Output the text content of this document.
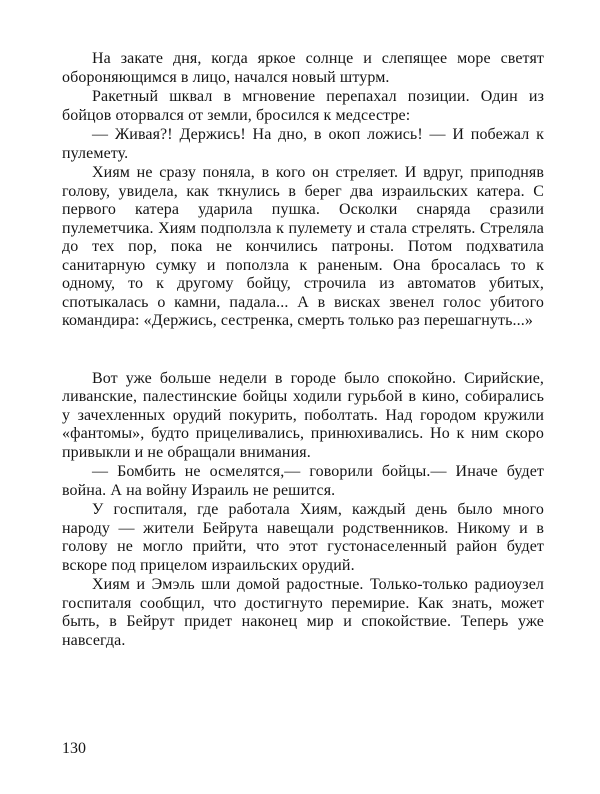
На закате дня, когда яркое солнце и слепящее море светят обороняющимся в лицо, начался новый штурм.

Ракетный шквал в мгновение перепахал позиции. Один из бойцов оторвался от земли, бросился к медсестре:

— Живая?! Держись! На дно, в окоп ложись! — И побежал к пулемету.

Хиям не сразу поняла, в кого он стреляет. И вдруг, приподняв голову, увидела, как ткнулись в берег два израильских катера. С первого катера ударила пушка. Осколки снаряда сразили пулеметчика. Хиям подползла к пулемету и стала стрелять. Стреляла до тех пор, пока не кончились патроны. Потом подхватила санитарную сумку и поползла к раненым. Она бросалась то к одному, то к другому бойцу, строчила из автоматов убитых, спотыкалась о камни, падала... А в висках звенел голос убитого командира: «Держись, сестренка, смерть только раз перешагнуть...»

Вот уже больше недели в городе было спокойно. Сирийские, ливанские, палестинские бойцы ходили гурьбой в кино, собирались у зачехленных орудий покурить, поболтать. Над городом кружили «фантомы», будто прицеливались, принюхивались. Но к ним скоро привыкли и не обращали внимания.

— Бомбить не осмелятся,— говорили бойцы.— Иначе будет война. А на войну Израиль не решится.

У госпиталя, где работала Хиям, каждый день было много народу — жители Бейрута навещали родственников. Никому и в голову не могло прийти, что этот густонаселенный район будет вскоре под прицелом израильских орудий.

Хиям и Эмэль шли домой радостные. Только-только радиоузел госпиталя сообщил, что достигнуто перемирие. Как знать, может быть, в Бейрут придет наконец мир и спокойствие. Теперь уже навсегда.

130
